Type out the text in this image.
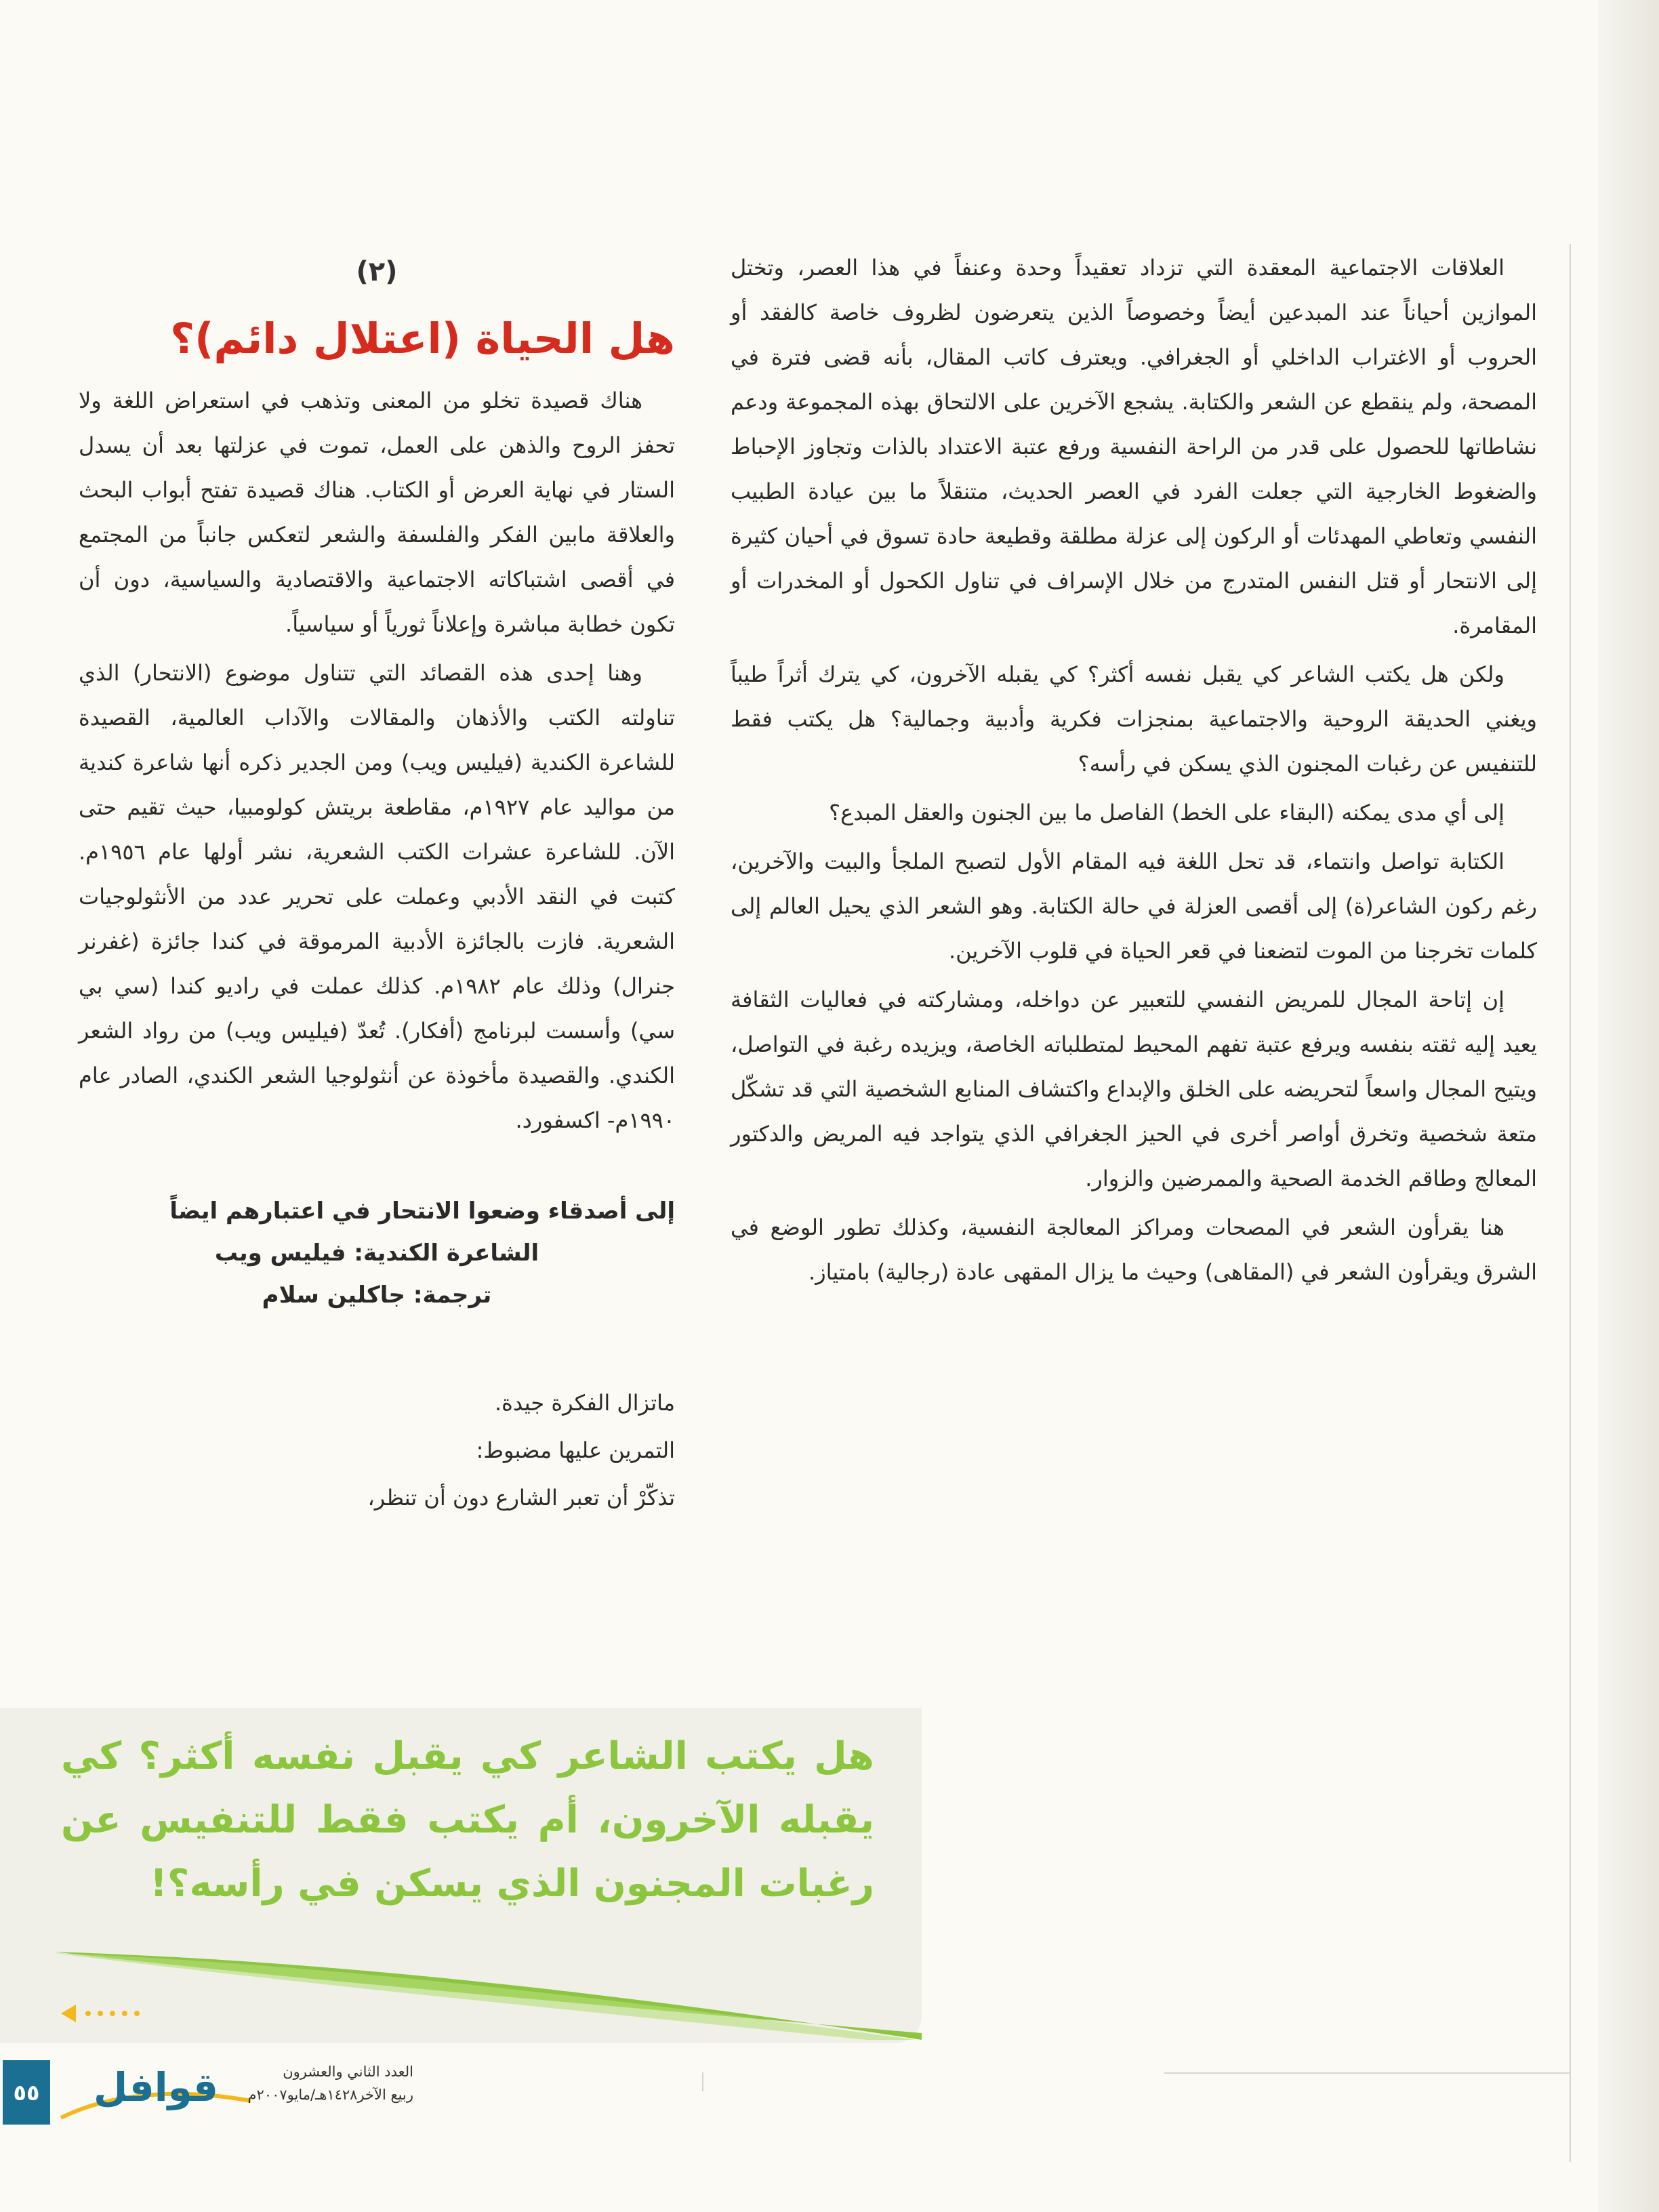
العلاقات الاجتماعية المعقدة التي تزداد تعقيداً وحدة وعنفاً في هذا العصر، وتختل الموازين أحياناً عند المبدعين أيضاً وخصوصاً الذين يتعرضون لظروف خاصة كالفقد أو الحروب أو الاغتراب الداخلي أو الجغرافي. ويعترف كاتب المقال، بأنه قضى فترة في المصحة، ولم ينقطع عن الشعر والكتابة. يشجع الآخرين على الالتحاق بهذه المجموعة ودعم نشاطاتها للحصول على قدر من الراحة النفسية ورفع عتبة الاعتداد بالذات وتجاوز الإحباط والضغوط الخارجية التي جعلت الفرد في العصر الحديث، متنقلاً ما بين عيادة الطبيب النفسي وتعاطي المهدئات أو الركون إلى عزلة مطلقة وقطيعة حادة تسوق في أحيان كثيرة إلى الانتحار أو قتل النفس المتدرج من خلال الإسراف في تناول الكحول أو المخدرات أو المقامرة.

ولكن هل يكتب الشاعر كي يقبل نفسه أكثر؟ كي يقبله الآخرون، كي يترك أثراً طيباً ويغني الحديقة الروحية والاجتماعية بمنجزات فكرية وأدبية وجمالية؟ هل يكتب فقط للتنفيس عن رغبات المجنون الذي يسكن في رأسه؟

إلى أي مدى يمكنه (البقاء على الخط) الفاصل ما بين الجنون والعقل المبدع؟

الكتابة تواصل وانتماء، قد تحل اللغة فيه المقام الأول لتصبح الملجأ والبيت والآخرين، رغم ركون الشاعر(ة) إلى أقصى العزلة في حالة الكتابة. وهو الشعر الذي يحيل العالم إلى كلمات تخرجنا من الموت لتضعنا في قعر الحياة في قلوب الآخرين.

إن إتاحة المجال للمريض النفسي للتعبير عن دواخله، ومشاركته في فعاليات الثقافة يعيد إليه ثقته بنفسه ويرفع عتبة تفهم المحيط لمتطلباته الخاصة، ويزيده رغبة في التواصل، ويتيح المجال واسعاً لتحريضه على الخلق والإبداع واكتشاف المنابع الشخصية التي قد تشكّل متعة شخصية وتخرق أواصر أخرى في الحيز الجغرافي الذي يتواجد فيه المريض والدكتور المعالج وطاقم الخدمة الصحية والممرضين والزوار.

هنا يقرأون الشعر في المصحات ومراكز المعالجة النفسية، وكذلك تطور الوضع في الشرق ويقرأون الشعر في (المقاهى) وحيث ما يزال المقهى عادة (رجالية) بامتياز.

(٢)
هل الحياة (اعتلال دائم)؟

هناك قصيدة تخلو من المعنى وتذهب في استعراض اللغة ولا تحفز الروح والذهن على العمل، تموت في عزلتها بعد أن يسدل الستار في نهاية العرض أو الكتاب. هناك قصيدة تفتح أبواب البحث والعلاقة مابين الفكر والفلسفة والشعر لتعكس جانباً من المجتمع في أقصى اشتباكاته الاجتماعية والاقتصادية والسياسية، دون أن تكون خطابة مباشرة وإعلاناً ثورياً أو سياسياً.

وهنا إحدى هذه القصائد التي تتناول موضوع (الانتحار) الذي تناولته الكتب والأذهان والمقالات والآداب العالمية، القصيدة للشاعرة الكندية (فيليس ويب) ومن الجدير ذكره أنها شاعرة كندية من مواليد عام ١٩٢٧م، مقاطعة بريتش كولومبيا، حيث تقيم حتى الآن. للشاعرة عشرات الكتب الشعرية، نشر أولها عام ١٩٥٦م. كتبت في النقد الأدبي وعملت على تحرير عدد من الأنثولوجيات الشعرية. فازت بالجائزة الأدبية المرموقة في كندا جائزة (غفرنر جنرال) وذلك عام ١٩٨٢م. كذلك عملت في راديو كندا (سي بي سي) وأسست لبرنامج (أفكار). تُعدّ (فيليس ويب) من رواد الشعر الكندي. والقصيدة مأخوذة عن أنثولوجيا الشعر الكندي، الصادر عام ١٩٩٠م- اكسفورد.

إلى أصدقاء وضعوا الانتحار في اعتبارهم ايضاً
الشاعرة الكندية: فيليس ويب
ترجمة: جاكلين سلام

ماتزال الفكرة جيدة.

التمرين عليها مضبوط:

تذكّرْ أن تعبر الشارع دون أن تنظر،

هل يكتب الشاعر كي يقبل نفسه أكثر؟ كي يقبله الآخرون، أم يكتب فقط للتنفيس عن رغبات المجنون الذي يسكن في رأسه؟!
٥٥ قوافل	العدد الثاني والعشرون
ربيع الآخر١٤٢٨هـ/مايو٢٠٠٧م
